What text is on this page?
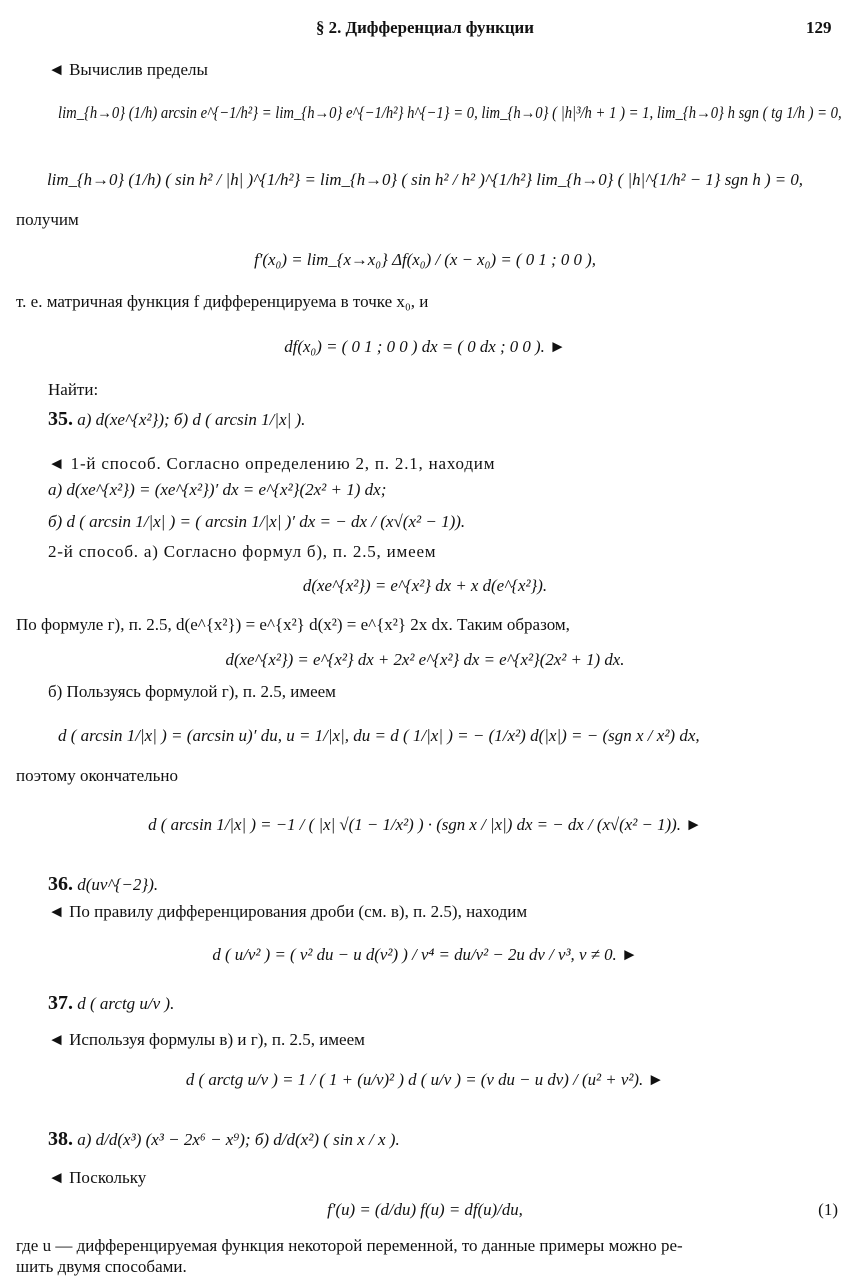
§ 2. Дифференциал функции	129
◄ Вычислив пределы
lim_{h→0} (1/h) arcsin e^{−1/h²} = lim_{h→0} e^{−1/h²} h^{−1} = 0, lim_{h→0} ( |h|³/h + 1 ) = 1, lim_{h→0} h sgn ( tg 1/h ) = 0,
lim_{h→0} (1/h) ( sin h² / |h| )^{1/h²} = lim_{h→0} ( sin h² / h² )^{1/h²} lim_{h→0} ( |h|^{1/h² − 1} sgn h ) = 0,
получим
f′(x₀) = lim_{x→x₀} Δf(x₀) / (x − x₀) = ( 0 1 ; 0 0 ),
т. е. матричная функция f дифференцируема в точке x₀, и
df(x₀) = ( 0 1 ; 0 0 ) dx = ( 0 dx ; 0 0 ). ►
Найти:
35. а) d(xe^{x²}); б) d ( arcsin 1/|x| ).
◄ 1-й способ. Согласно определению 2, п. 2.1, находим
а) d(xe^{x²}) = (xe^{x²})′ dx = e^{x²}(2x² + 1) dx;
б) d ( arcsin 1/|x| ) = ( arcsin 1/|x| )′ dx = − dx / (x√(x² − 1)).
2-й способ. а) Согласно формул б), п. 2.5, имеем
d(xe^{x²}) = e^{x²} dx + x d(e^{x²}).
По формуле г), п. 2.5, d(e^{x²}) = e^{x²} d(x²) = e^{x²} 2x dx. Таким образом,
d(xe^{x²}) = e^{x²} dx + 2x² e^{x²} dx = e^{x²}(2x² + 1) dx.
б) Пользуясь формулой г), п. 2.5, имеем
d ( arcsin 1/|x| ) = (arcsin u)′ du, u = 1/|x|, du = d ( 1/|x| ) = − (1/x²) d(|x|) = − (sgn x / x²) dx,
поэтому окончательно
d ( arcsin 1/|x| ) = −1 / ( |x| √(1 − 1/x²) ) · (sgn x / |x|) dx = − dx / (x√(x² − 1)). ►
36. d(uv^{−2}).
◄ По правилу дифференцирования дроби (см. в), п. 2.5), находим
d ( u/v² ) = ( v² du − u d(v²) ) / v⁴ = du/v² − 2u dv / v³, v ≠ 0. ►
37. d ( arctg u/v ).
◄ Используя формулы в) и г), п. 2.5, имеем
d ( arctg u/v ) = 1 / ( 1 + (u/v)² ) d ( u/v ) = (v du − u dv) / (u² + v²). ►
38. а) d/d(x³) (x³ − 2x⁶ − x⁹); б) d/d(x²) ( sin x / x ).
◄ Поскольку
f′(u) = (d/du) f(u) = df(u)/du,	(1)
где u — дифференцируемая функция некоторой переменной, то данные примеры можно ре-
шить двумя способами.
